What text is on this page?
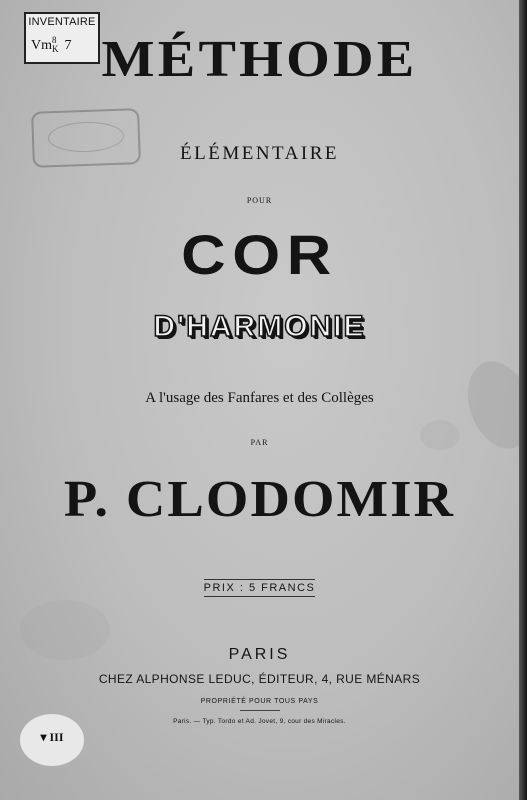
INVENTAIRE
Vm 8
K 7 MÉTHODE
ÉLÉMENTAIRE
POUR
COR
D'HARMONIE
A l'usage des Fanfares et des Collèges
PAR
P. CLODOMIR
PRIX : 5 FRANCS
PARIS
CHEZ ALPHONSE LEDUC, ÉDITEUR, 4, RUE MÉNARS
PROPRIÉTÉ POUR TOUS PAYS
Paris. — Typ. Tordo et Ad. Jovet, 9, cour des Miracles.
▾ III
